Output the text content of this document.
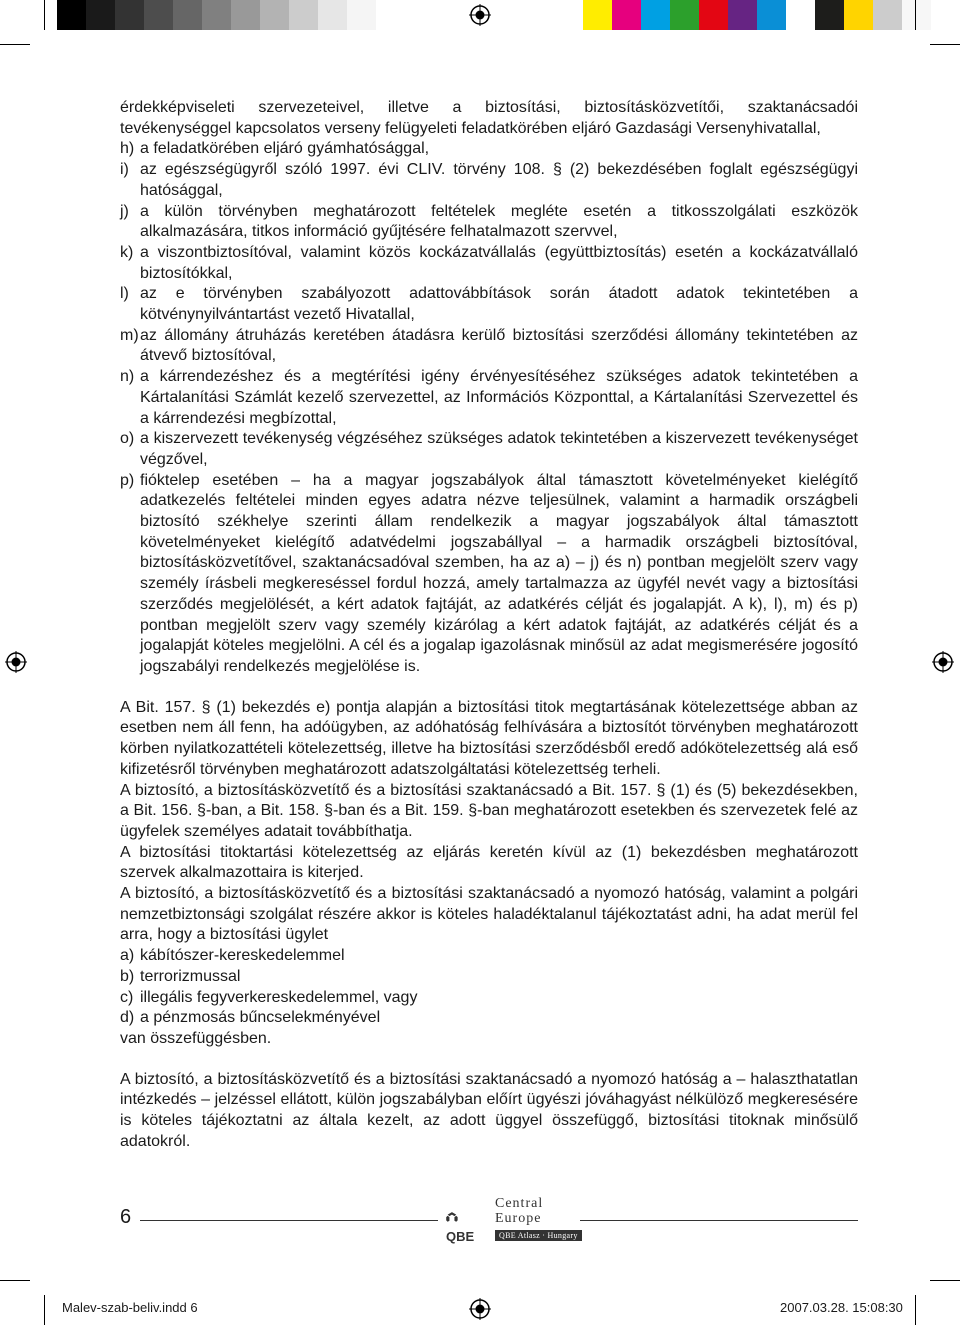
érdekképviseleti szervezeteivel, illetve a biztosítási, biztosításközvetítői, szaktanácsadói tevékenységgel kapcsolatos verseny felügyeleti feladatkörében eljáró Gazdasági Versenyhivatallal,

h) a feladatkörében eljáró gyámhatósággal,
i) az egészségügyről szóló 1997. évi CLIV. törvény 108. § (2) bekezdésében foglalt egészségügyi hatósággal,
j) a külön törvényben meghatározott feltételek megléte esetén a titkosszolgálati eszközök alkalmazására, titkos információ gyűjtésére felhatalmazott szervvel,
k) a viszontbiztosítóval, valamint közös kockázatvállalás (együttbiztosítás) esetén a kockázatvállaló biztosítókkal,
l) az e törvényben szabályozott adattovábbítások során átadott adatok tekintetében a kötvénynyilvántartást vezető Hivatallal,
m) az állomány átruházás keretében átadásra kerülő biztosítási szerződési állomány tekintetében az átvevő biztosítóval,
n) a kárrendezéshez és a megtérítési igény érvényesítéséhez szükséges adatok tekintetében a Kártalanítási Számlát kezelő szervezettel, az Információs Központtal, a Kártalanítási Szervezettel és a kárrendezési megbízottal,
o) a kiszervezett tevékenység végzéséhez szükséges adatok tekintetében a kiszervezett tevékenységet végzővel,
p) fióktelep esetében – ha a magyar jogszabályok által támasztott követelményeket kielégítő adatkezelés feltételei minden egyes adatra nézve teljesülnek, valamint a harmadik országbeli biztosító székhelye szerinti állam rendelkezik a magyar jogszabályok által támasztott követelményeket kielégítő adatvédelmi jogszabállyal – a harmadik országbeli biztosítóval, biztosításközvetítővel, szaktanácsadóval szemben, ha az a) – j) és n) pontban megjelölt szerv vagy személy írásbeli megkereséssel fordul hozzá, amely tartalmazza az ügyfél nevét vagy a biztosítási szerződés megjelölését, a kért adatok fajtáját, az adatkérés célját és jogalapját. A k), l), m) és p) pontban megjelölt szerv vagy személy kizárólag a kért adatok fajtáját, az adatkérés célját és a jogalapját köteles megjelölni. A cél és a jogalap igazolásnak minősül az adat megismerésére jogosító jogszabályi rendelkezés megjelölése is.

A Bit. 157. § (1) bekezdés e) pontja alapján a biztosítási titok megtartásának kötelezettsége abban az esetben nem áll fenn, ha adóügyben, az adóhatóság felhívására a biztosítót törvényben meghatározott körben nyilatkozattételi kötelezettség, illetve ha biztosítási szerződésből eredő adókötelezettség alá eső kifizetésről törvényben meghatározott adatszolgáltatási kötelezettség terheli.

A biztosító, a biztosításközvetítő és a biztosítási szaktanácsadó a Bit. 157. § (1) és (5) bekezdésekben, a Bit. 156. §-ban, a Bit. 158. §-ban és a Bit. 159. §-ban meghatározott esetekben és szervezetek felé az ügyfelek személyes adatait továbbíthatja.

A biztosítási titoktartási kötelezettség az eljárás keretén kívül az (1) bekezdésben meghatározott szervek alkalmazottaira is kiterjed.

A biztosító, a biztosításközvetítő és a biztosítási szaktanácsadó a nyomozó hatóság, valamint a polgári nemzetbiztonsági szolgálat részére akkor is köteles haladéktalanul tájékoztatást adni, ha adat merül fel arra, hogy a biztosítási ügylet

a) kábítószer-kereskedelemmel
b) terrorizmussal
c) illegális fegyverkereskedelemmel, vagy
d) a pénzmosás bűncselekményével

van összefüggésben.

A biztosító, a biztosításközvetítő és a biztosítási szaktanácsadó a nyomozó hatóság a – halaszthatatlan intézkedés – jelzéssel ellátott, külön jogszabályban előírt ügyészi jóváhagyást nélkülöző megkeresésére is köteles tájékoztatni az általa kezelt, az adott üggyel összefüggő, biztosítási titoknak minősülő adatokról.

6
QBE
Central
Europe
QBE Atlasz · Hungary
Malev-szab-beliv.indd 6	2007.03.28. 15:08:30
